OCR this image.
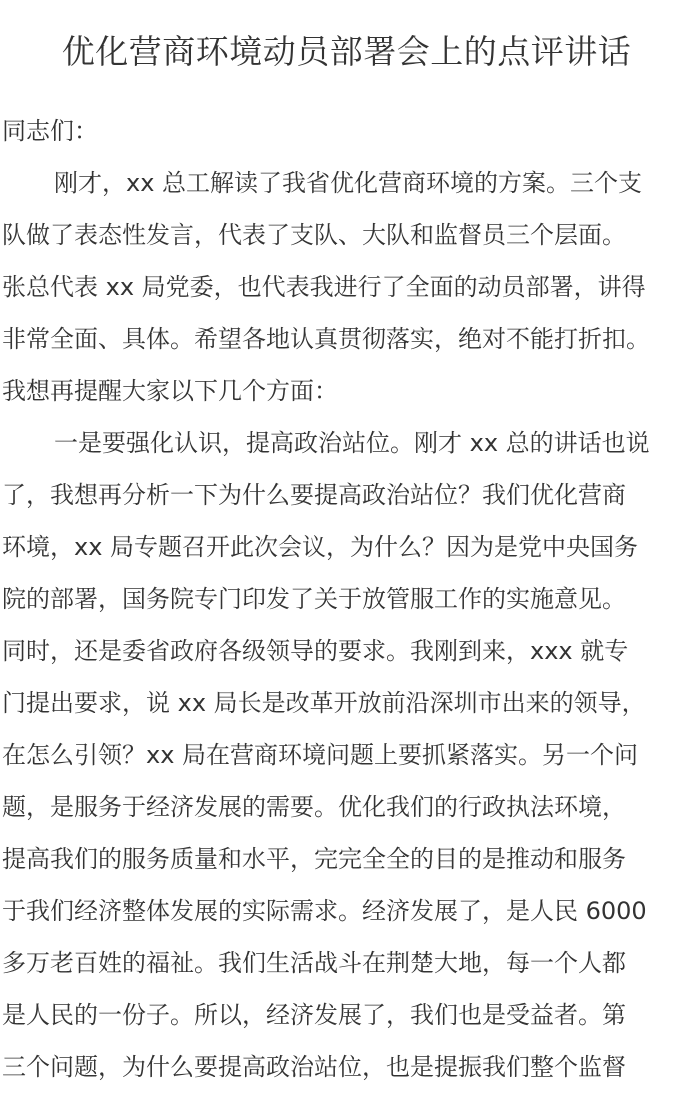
优化营商环境动员部署会上的点评讲话
同志们：
刚才，xx 总工解读了我省优化营商环境的方案。三个支
队做了表态性发言，代表了支队、大队和监督员三个层面。
张总代表 xx 局党委，也代表我进行了全面的动员部署，讲得
非常全面、具体。希望各地认真贯彻落实，绝对不能打折扣。
我想再提醒大家以下几个方面：
一是要强化认识，提高政治站位。刚才 xx 总的讲话也说
了，我想再分析一下为什么要提高政治站位？我们优化营商
环境，xx 局专题召开此次会议，为什么？因为是党中央国务
院的部署，国务院专门印发了关于放管服工作的实施意见。
同时，还是委省政府各级领导的要求。我刚到来，xxx 就专
门提出要求，说 xx 局长是改革开放前沿深圳市出来的领导，
在怎么引领？xx 局在营商环境问题上要抓紧落实。另一个问
题，是服务于经济发展的需要。优化我们的行政执法环境，
提高我们的服务质量和水平，完完全全的目的是推动和服务
于我们经济整体发展的实际需求。经济发展了，是人民 6000
多万老百姓的福祉。我们生活战斗在荆楚大地，每一个人都
是人民的一份子。所以，经济发展了，我们也是受益者。第
三个问题，为什么要提高政治站位，也是提振我们整个监督
